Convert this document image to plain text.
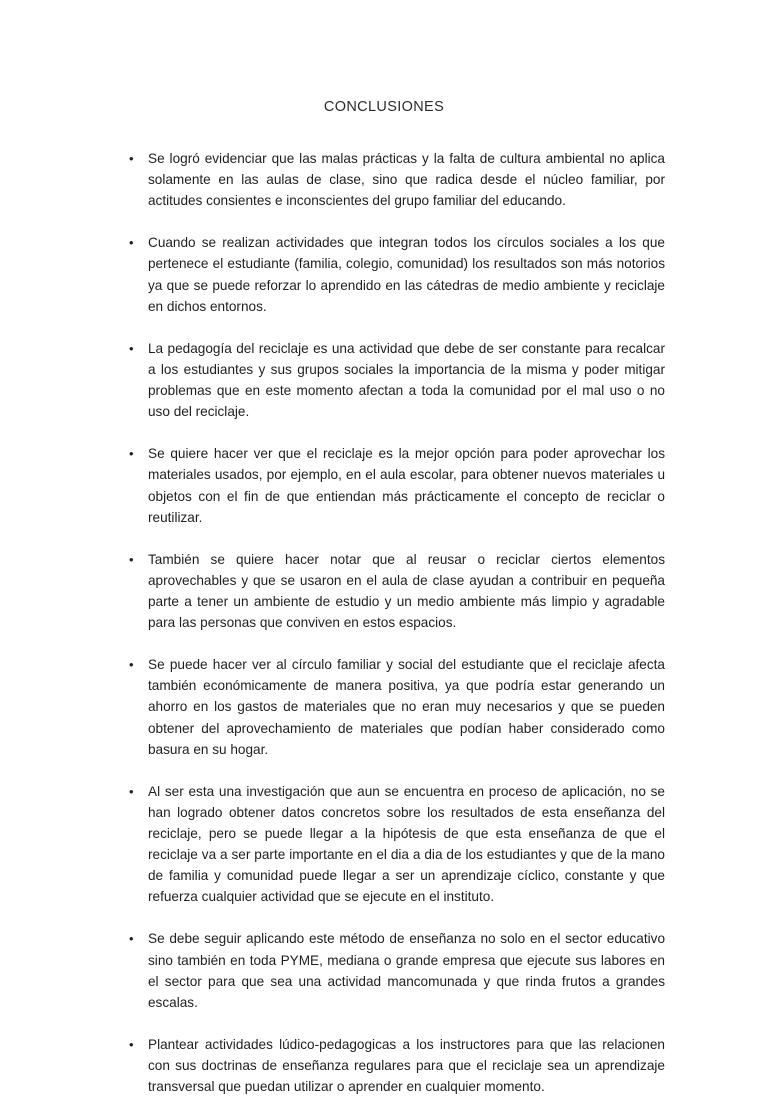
CONCLUSIONES
•	Se logró evidenciar que las malas prácticas y la falta de cultura ambiental no aplica solamente en las aulas de clase, sino que radica desde el núcleo familiar, por actitudes consientes e inconscientes del grupo familiar del educando.
•	Cuando se realizan actividades que integran todos los círculos sociales a los que pertenece el estudiante (familia, colegio, comunidad) los resultados son más notorios ya que se puede reforzar lo aprendido en las cátedras de medio ambiente y reciclaje en dichos entornos.
•	La pedagogía del reciclaje es una actividad que debe de ser constante para recalcar a los estudiantes y sus grupos sociales la importancia de la misma y poder mitigar problemas que en este momento afectan a toda la comunidad por el mal uso o no uso del reciclaje.
•	Se quiere hacer ver que el reciclaje es la mejor opción para poder aprovechar los materiales usados, por ejemplo, en el aula escolar, para obtener nuevos materiales u objetos con el fin de que entiendan más prácticamente el concepto de reciclar o reutilizar.
•	También se quiere hacer notar que al reusar o reciclar ciertos elementos aprovechables y que se usaron en el aula de clase ayudan a contribuir en pequeña parte a tener un ambiente de estudio y un medio ambiente más limpio y agradable para las personas que conviven en estos espacios.
•	Se puede hacer ver al círculo familiar y social del estudiante que el reciclaje afecta también económicamente de manera positiva, ya que podría estar generando un ahorro en los gastos de materiales que no eran muy necesarios y que se pueden obtener del aprovechamiento de materiales que podían haber considerado como basura en su hogar.
•	Al ser esta una investigación que aun se encuentra en proceso de aplicación, no se han logrado obtener datos concretos sobre los resultados de esta enseñanza del reciclaje, pero se puede llegar a la hipótesis de que esta enseñanza de que el reciclaje va a ser parte importante en el dia a dia de los estudiantes y que de la mano de familia y comunidad puede llegar a ser un aprendizaje cíclico, constante y que refuerza cualquier actividad que se ejecute en el instituto.
•	Se debe seguir aplicando este método de enseñanza no solo en el sector educativo sino también en toda PYME, mediana o grande empresa que ejecute sus labores en el sector para que sea una actividad mancomunada y que rinda frutos a grandes escalas.
•	Plantear actividades lúdico-pedagogicas a los instructores para que las relacionen con sus doctrinas de enseñanza regulares para que el reciclaje sea un aprendizaje transversal que puedan utilizar o aprender en cualquier momento.
